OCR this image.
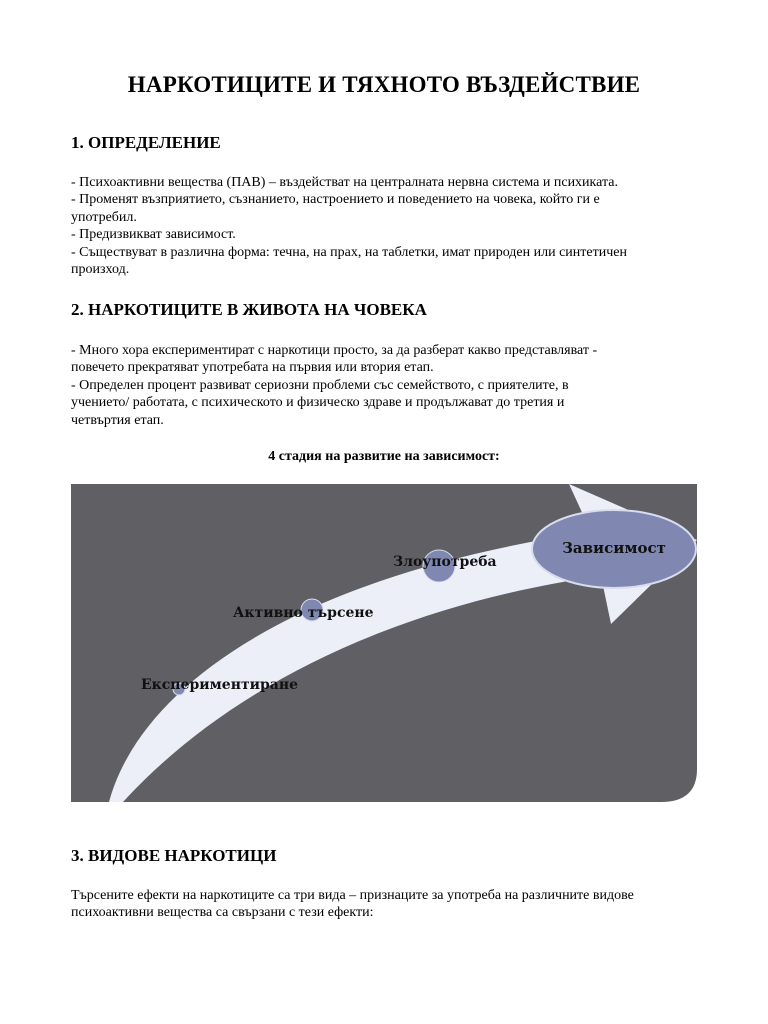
НАРКОТИЦИТЕ И ТЯХНОТО ВЪЗДЕЙСТВИЕ
1. ОПРЕДЕЛЕНИЕ
- Психоактивни вещества (ПАВ) – въздействат на централната нервна система и психиката.
- Променят възприятието, съзнанието, настроението и поведението на човека, който ги е
употребил.
- Предизвикват зависимост.
- Съществуват в различна форма: течна, на прах, на таблетки, имат природен или синтетичен
произход.
2. НАРКОТИЦИТЕ В ЖИВОТА НА ЧОВЕКА
- Много хора експериментират с наркотици просто, за да разберат какво представляват -
повечето прекратяват употребата на първия или втория етап.
- Определен процент развиват сериозни проблеми със семейството, с приятелите, в
учението/ работата, с психическото и физическо здраве и продължават до третия и
четвъртия етап.

4 стадия на развитие на зависимост:

Експериментиране
Активно търсене
Злоупотреба
Зависимост
3. ВИДОВЕ НАРКОТИЦИ
Търсените ефекти на наркотиците са три вида – признаците за употреба на различните видове
психоактивни вещества са свързани с тези ефекти:
